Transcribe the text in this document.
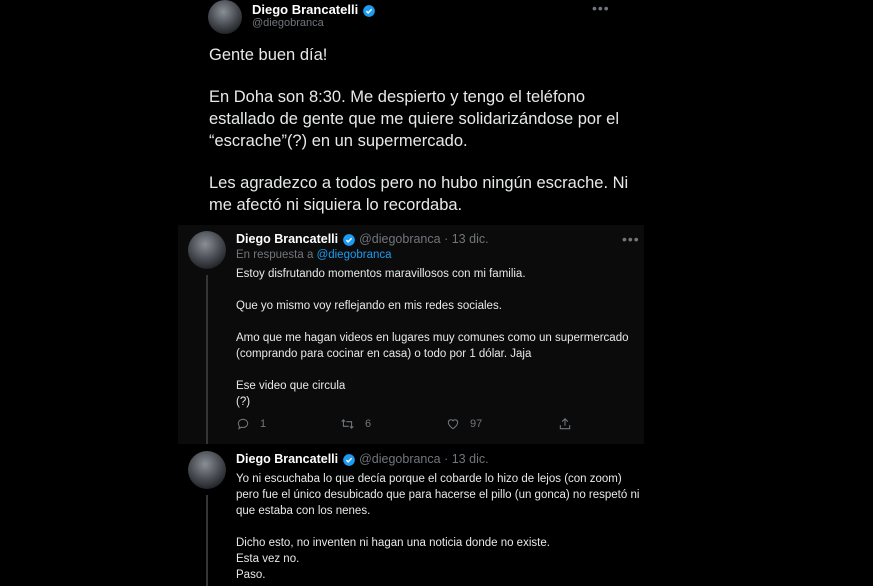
Diego Brancatelli
@diegobranca
•••

Gente buen día!

En Doha son 8:30. Me despierto y tengo el teléfono estallado de gente que me quiere solidarizándose por el “escrache”(?) en un supermercado.

Les agradezco a todos pero no hubo ningún escrache. Ni me afectó ni siquiera lo recordaba.

Diego Brancatelli @diegobranca · 13 dic.	•••
En respuesta a @diegobranca

Estoy disfrutando momentos maravillosos con mi familia.

Que yo mismo voy reflejando en mis redes sociales.

Amo que me hagan videos en lugares muy comunes como un supermercado (comprando para cocinar en casa) o todo por 1 dólar. Jaja

Ese video que circula
(?)

1	6	97
Diego Brancatelli @diegobranca · 13 dic.

Yo ni escuchaba lo que decía porque el cobarde lo hizo de lejos (con zoom) pero fue el único desubicado que para hacerse el pillo (un gonca) no respetó ni que estaba con los nenes.

Dicho esto, no inventen ni hagan una noticia donde no existe.
Esta vez no.
Paso.
